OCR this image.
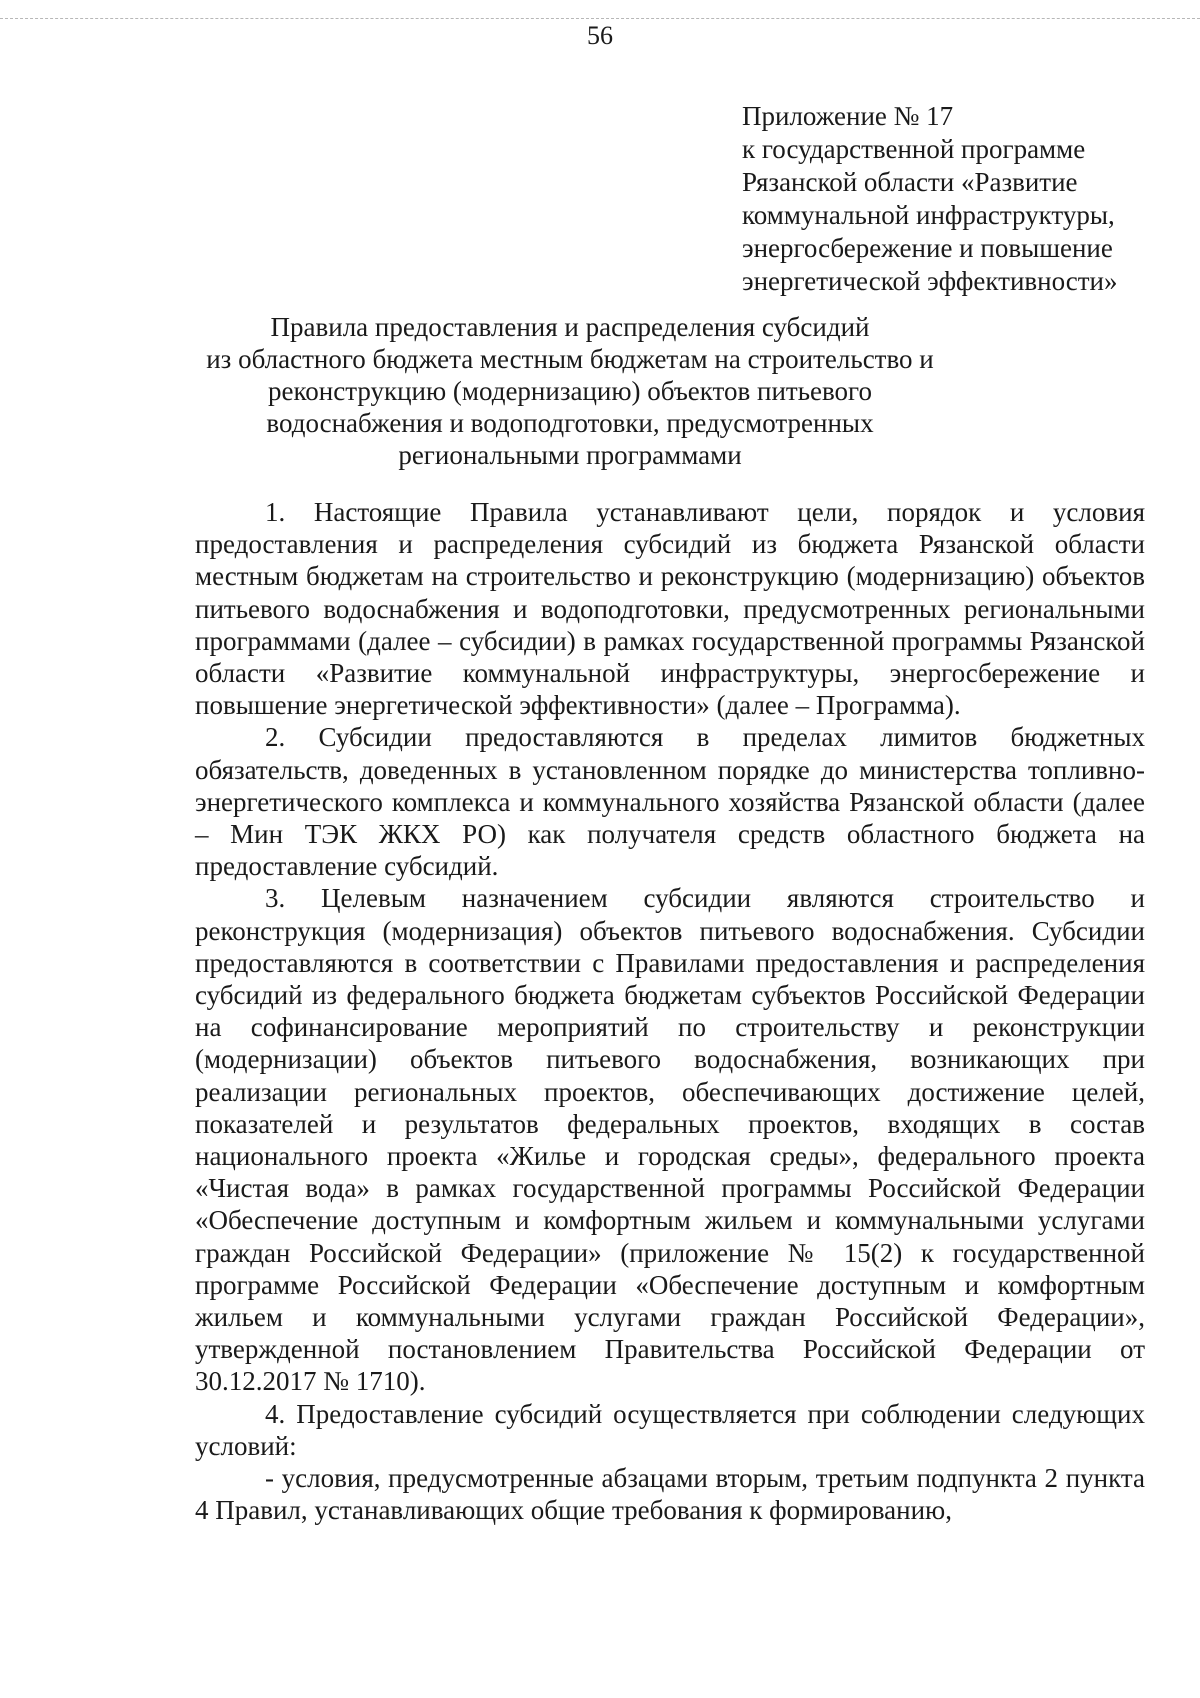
56
Приложение № 17
к государственной программе
Рязанской области «Развитие
коммунальной инфраструктуры,
энергосбережение и повышение
энергетической эффективности»
Правила предоставления и распределения субсидий
из областного бюджета местным бюджетам на строительство и
реконструкцию (модернизацию) объектов питьевого
водоснабжения и водоподготовки, предусмотренных
региональными программами

1. Настоящие Правила устанавливают цели, порядок и условия предоставления и распределения субсидий из бюджета Рязанской области местным бюджетам на строительство и реконструкцию (модернизацию) объектов питьевого водоснабжения и водоподготовки, предусмотренных региональными программами (далее – субсидии) в рамках государственной программы Рязанской области «Развитие коммунальной инфраструктуры, энергосбережение и повышение энергетической эффективности» (далее – Программа).

2. Субсидии предоставляются в пределах лимитов бюджетных обязательств, доведенных в установленном порядке до министерства топливно-энергетического комплекса и коммунального хозяйства Рязанской области (далее – Мин ТЭК ЖКХ РО) как получателя средств областного бюджета на предоставление субсидий.

3. Целевым назначением субсидии являются строительство и реконструкция (модернизация) объектов питьевого водоснабжения. Субсидии предоставляются в соответствии с Правилами предоставления и распределения субсидий из федерального бюджета бюджетам субъектов Российской Федерации на софинансирование мероприятий по строительству и реконструкции (модернизации) объектов питьевого водоснабжения, возникающих при реализации региональных проектов, обеспечивающих достижение целей, показателей и результатов федеральных проектов, входящих в состав национального проекта «Жилье и городская среды», федерального проекта «Чистая вода» в рамках государственной программы Российской Федерации «Обеспечение доступным и комфортным жильем и коммунальными услугами граждан Российской Федерации» (приложение № 15(2) к государственной программе Российской Федерации «Обеспечение доступным и комфортным жильем и коммунальными услугами граждан Российской Федерации», утвержденной постановлением Правительства Российской Федерации от 30.12.2017 № 1710).

4. Предоставление субсидий осуществляется при соблюдении следующих условий:

- условия, предусмотренные абзацами вторым, третьим подпункта 2 пункта 4 Правил, устанавливающих общие требования к формированию,
